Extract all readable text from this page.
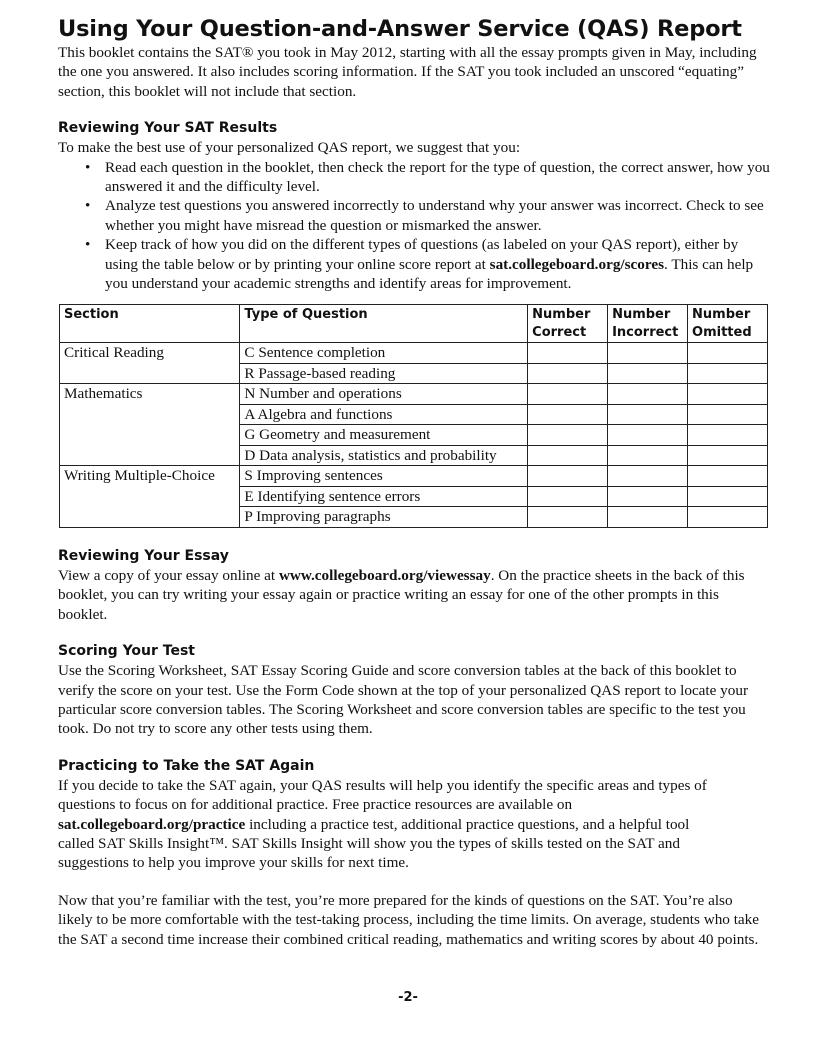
Using Your Question-and-Answer Service (QAS) Report

This booklet contains the SAT® you took in May 2012, starting with all the essay prompts given in May, including the one you answered. It also includes scoring information. If the SAT you took included an unscored “equating” section, this booklet will not include that section.

Reviewing Your SAT Results

To make the best use of your personalized QAS report, we suggest that you:

• Read each question in the booklet, then check the report for the type of question, the correct answer, how you answered it and the difficulty level.
• Analyze test questions you answered incorrectly to understand why your answer was incorrect. Check to see whether you might have misread the question or mismarked the answer.
• Keep track of how you did on the different types of questions (as labeled on your QAS report), either by using the table below or by printing your online score report at sat.collegeboard.org/scores. This can help you understand your academic strengths and identify areas for improvement.
Section	Type of Question	Number Correct	Number Incorrect	Number Omitted
Critical Reading	C Sentence completion			
	R Passage-based reading			
Mathematics	N Number and operations			
	A Algebra and functions			
	G Geometry and measurement			
	D Data analysis, statistics and probability			
Writing Multiple-Choice	S Improving sentences			
	E Identifying sentence errors			
	P Improving paragraphs			
Reviewing Your Essay

View a copy of your essay online at www.collegeboard.org/viewessay. On the practice sheets in the back of this booklet, you can try writing your essay again or practice writing an essay for one of the other prompts in this booklet.

Scoring Your Test

Use the Scoring Worksheet, SAT Essay Scoring Guide and score conversion tables at the back of this booklet to verify the score on your test. Use the Form Code shown at the top of your personalized QAS report to locate your particular score conversion tables. The Scoring Worksheet and score conversion tables are specific to the test you took. Do not try to score any other tests using them.

Practicing to Take the SAT Again

If you decide to take the SAT again, your QAS results will help you identify the specific areas and types of questions to focus on for additional practice. Free practice resources are available on sat.collegeboard.org/practice including a practice test, additional practice questions, and a helpful tool called SAT Skills Insight™. SAT Skills Insight will show you the types of skills tested on the SAT and suggestions to help you improve your skills for next time.

Now that you’re familiar with the test, you’re more prepared for the kinds of questions on the SAT. You’re also likely to be more comfortable with the test-taking process, including the time limits. On average, students who take the SAT a second time increase their combined critical reading, mathematics and writing scores by about 40 points.

-2-
